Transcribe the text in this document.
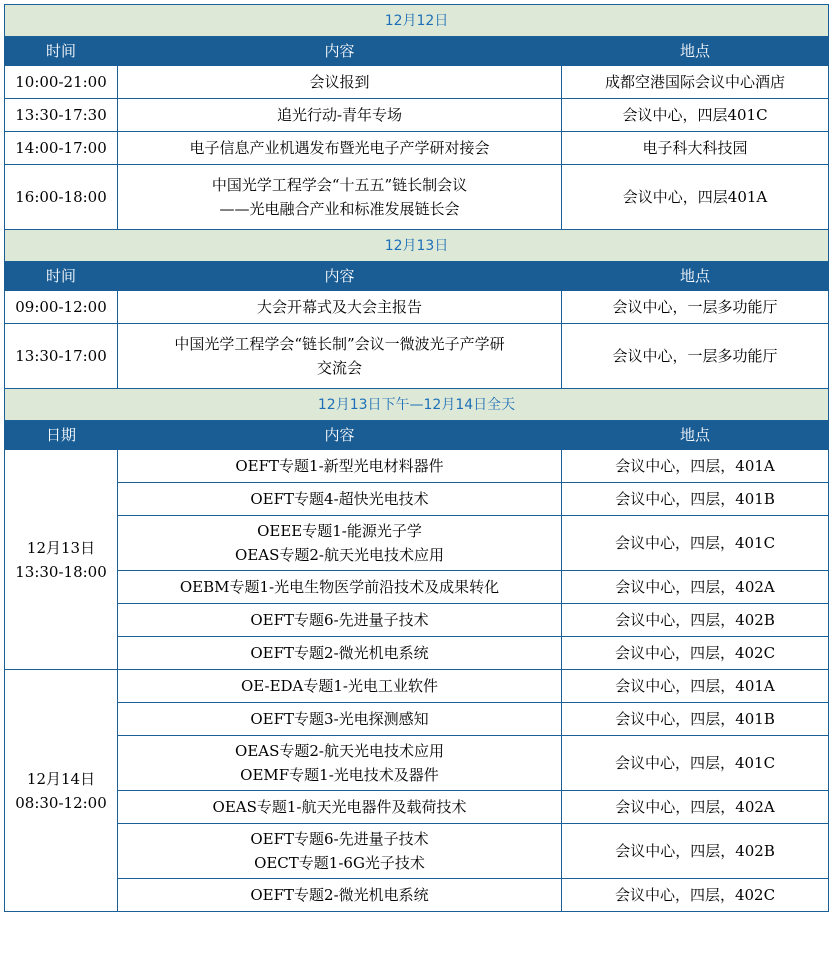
12月12日		
时间	内容	地点
10:00-21:00	会议报到	成都空港国际会议中心酒店
13:30-17:30	追光行动-青年专场	会议中心，四层401C
14:00-17:00	电子信息产业机遇发布暨光电子产学研对接会	电子科大科技园
16:00-18:00	中国光学工程学会“十五五”链长制会议
——光电融合产业和标准发展链长会	会议中心，四层401A
12月13日		
时间	内容	地点
09:00-12:00	大会开幕式及大会主报告	会议中心，一层多功能厅
13:30-17:00	中国光学工程学会“链长制”会议一微波光子产学研
交流会	会议中心，一层多功能厅
12月13日下午—12月14日全天		
日期	内容	地点

12月13日
13:30-18:00	OEFT专题1-新型光电材料器件	会议中心，四层，401A
	OEFT专题4-超快光电技术	会议中心，四层，401B

	OEEE专题1-能源光子学
OEAS专题2-航天光电技术应用	会议中心，四层，401C
	OEBM专题1-光电生物医学前沿技术及成果转化	会议中心，四层，402A
	OEFT专题6-先进量子技术	会议中心，四层，402B
	OEFT专题2-微光机电系统	会议中心，四层，402C

12月14日
08:30-12:00	OE-EDA专题1-光电工业软件	会议中心，四层，401A
	OEFT专题3-光电探测感知	会议中心，四层，401B

	OEAS专题2-航天光电技术应用
OEMF专题1-光电技术及器件	会议中心，四层，401C
	OEAS专题1-航天光电器件及载荷技术	会议中心，四层，402A

	OEFT专题6-先进量子技术
OECT专题1-6G光子技术	会议中心，四层，402B
	OEFT专题2-微光机电系统	会议中心，四层，402C
